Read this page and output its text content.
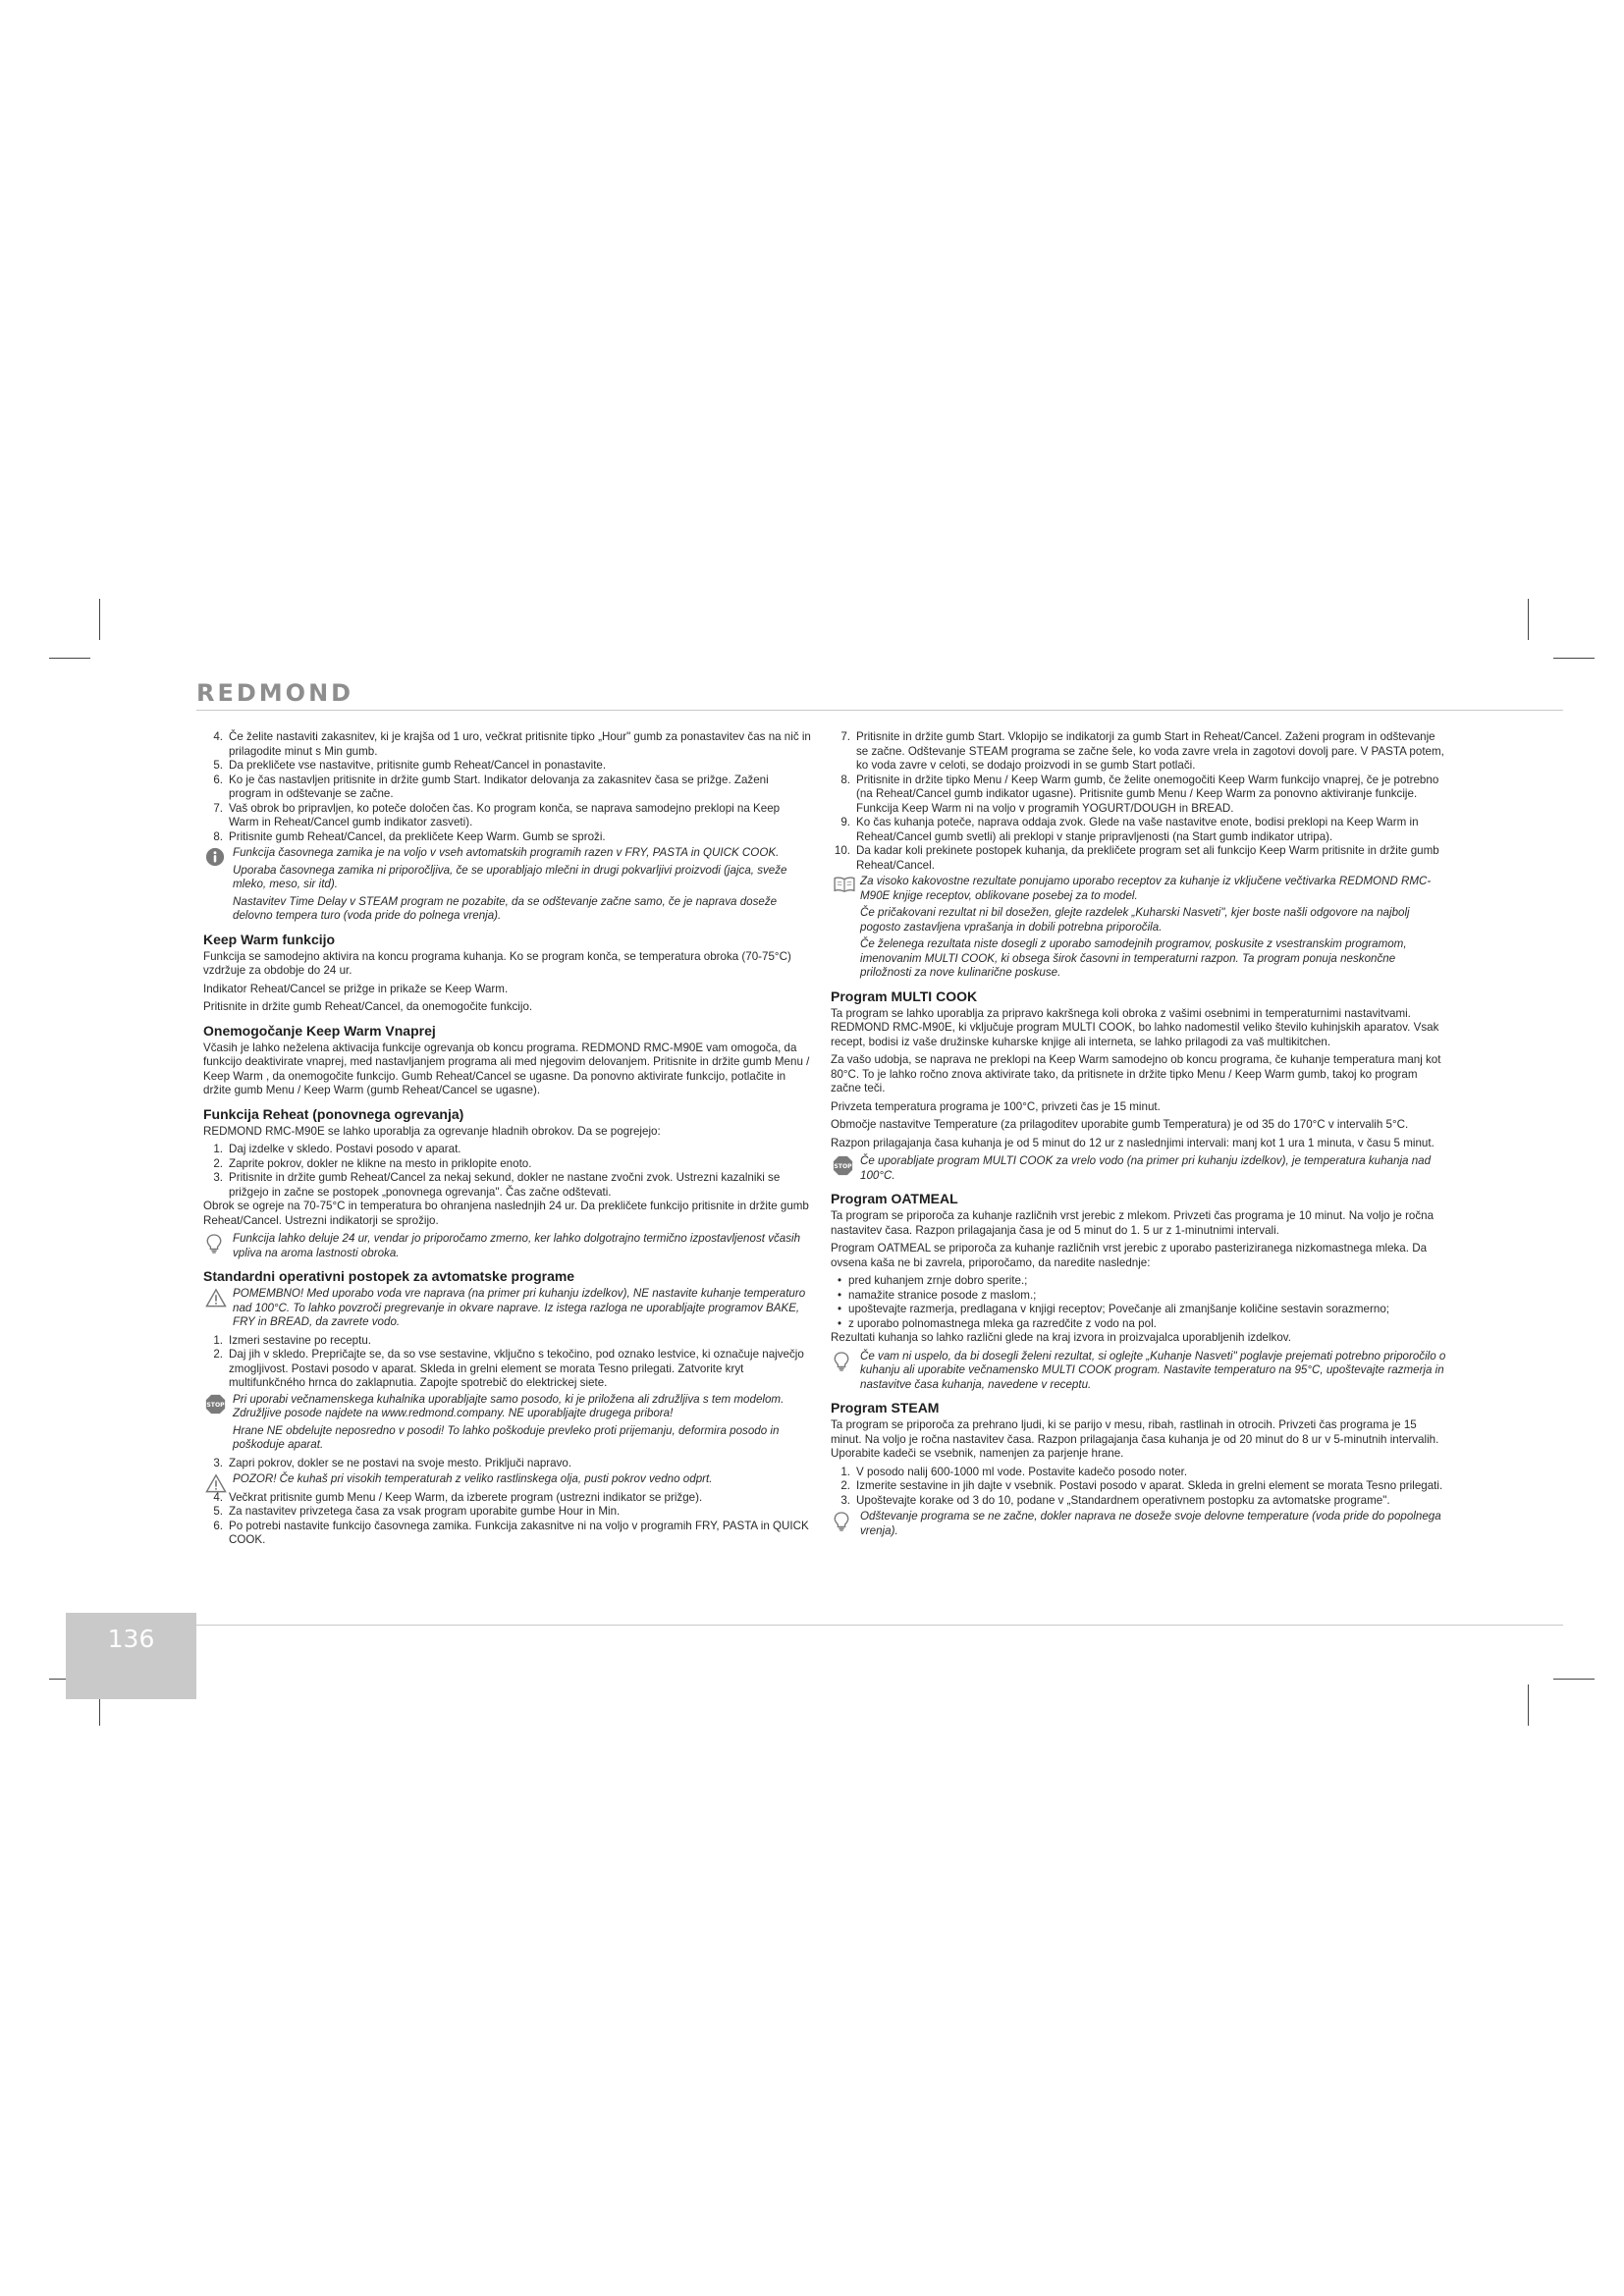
REDMOND
4. Če želite nastaviti zakasnitev, ki je krajša od 1 uro, večkrat pritisnite tipko „Hour" gumb za ponastavitev čas na nič in prilagodite minut s Min gumb.
5. Da prekličete vse nastavitve, pritisnite gumb Reheat/Cancel in ponastavite.
6. Ko je čas nastavljen pritisnite in držite gumb Start. Indikator delovanja za zakasnitev časa se prižge. Zaženi program in odštevanje se začne.
7. Vaš obrok bo pripravljen, ko poteče določen čas. Ko program konča, se naprava samodejno preklopi na Keep Warm in Reheat/Cancel gumb indikator zasveti).
8. Pritisnite gumb Reheat/Cancel, da prekličete Keep Warm. Gumb se sproži.
Funkcija časovnega zamika je na voljo v vseh avtomatskih programih razen v FRY, PASTA in QUICK COOK.
Uporaba časovnega zamika ni priporočljiva, če se uporabljajo mlečni in drugi pokvarljivi proizvodi (jajca, sveže mleko, meso, sir itd).
Nastavitev Time Delay v STEAM program ne pozabite, da se odštevanje začne samo, če je naprava doseže delovno tempera turo (voda pride do polnega vrenja).
Keep Warm funkcijo
Funkcija se samodejno aktivira na koncu programa kuhanja. Ko se program konča, se temperatura obroka (70-75°C) vzdržuje za obdobje do 24 ur.
Indikator Reheat/Cancel se prižge in prikaže se Keep Warm.
Pritisnite in držite gumb Reheat/Cancel, da onemogočite funkcijo.
Onemogočanje Keep Warm Vnaprej
Včasih je lahko neželena aktivacija funkcije ogrevanja ob koncu programa. REDMOND RMC-M90E vam omogoča, da funkcijo deaktivirate vnaprej, med nastavljanjem programa ali med njegovim delovanjem. Pritisnite in držite gumb Menu / Keep Warm , da onemogočite funkcijo. Gumb Reheat/Cancel se ugasne. Da ponovno aktivirate funkcijo, potlačite in držite gumb Menu / Keep Warm (gumb Reheat/Cancel se ugasne).
Funkcija Reheat (ponovnega ogrevanja)
REDMOND RMC-M90E se lahko uporablja za ogrevanje hladnih obrokov. Da se pogrejejo:
1. Daj izdelke v skledo. Postavi posodo v aparat.
2. Zaprite pokrov, dokler ne klikne na mesto in priklopite enoto.
3. Pritisnite in držite gumb Reheat/Cancel za nekaj sekund, dokler ne nastane zvočni zvok. Ustrezni kazalniki se prižgejo in začne se postopek „ponovnega ogrevanja". Čas začne odštevati.
Obrok se ogreje na 70-75°C in temperatura bo ohranjena naslednjih 24 ur. Da prekličete funkcijo pritisnite in držite gumb Reheat/Cancel. Ustrezni indikatorji se sprožijo.
Funkcija lahko deluje 24 ur, vendar jo priporočamo zmerno, ker lahko dolgotrajno termično izpostavljenost včasih vpliva na aroma lastnosti obroka.
Standardni operativni postopek za avtomatske programe
POMEMBNO! Med uporabo voda vre naprava (na primer pri kuhanju izdelkov), NE nastavite kuhanje temperaturo nad 100°C. To lahko povzroči pregrevanje in okvare naprave. Iz istega razloga ne uporabljajte programov BAKE, FRY in BREAD, da zavrete vodo.
1. Izmeri sestavine po receptu.
2. Daj jih v skledo. Prepričajte se, da so vse sestavine, vključno s tekočino, pod oznako lestvice, ki označuje največjo zmogljivost. Postavi posodo v aparat. Skleda in grelni element se morata Tesno prilegati. Zatvorite kryt multifunkčného hrnca do zaklapnutia. Zapojte spotrebič do elektrickej siete.
STOP Pri uporabi večnamenskega kuhalnika uporabljajte samo posodo, ki je priložena ali združljiva s tem modelom. Združljive posode najdete na www.redmond.company. NE uporabljajte drugega pribora!
Hrane NE obdelujte neposredno v posodi! To lahko poškoduje prevleko proti prijemanju, deformira posodo in poškoduje aparat.
3. Zapri pokrov, dokler se ne postavi na svoje mesto. Priključi napravo.
POZOR! Če kuhaš pri visokih temperaturah z veliko rastlinskega olja, pusti pokrov vedno odprt.
4. Večkrat pritisnite gumb Menu / Keep Warm, da izberete program (ustrezni indikator se prižge).
5. Za nastavitev privzetega časa za vsak program uporabite gumbe Hour in Min.
6. Po potrebi nastavite funkcijo časovnega zamika. Funkcija zakasnitve ni na voljo v programih FRY, PASTA in QUICK COOK.
7. Pritisnite in držite gumb Start. Vklopijo se indikatorji za gumb Start in Reheat/Cancel. Zaženi program in odštevanje se začne. Odštevanje STEAM programa se začne šele, ko voda zavre vrela in zagotovi dovolj pare. V PASTA potem, ko voda zavre v celoti, se dodajo proizvodi in se gumb Start potlači.
8. Pritisnite in držite tipko Menu / Keep Warm gumb, če želite onemogočiti Keep Warm funkcijo vnaprej, če je potrebno (na Reheat/Cancel gumb indikator ugasne). Pritisnite gumb Menu / Keep Warm za ponovno aktiviranje funkcije. Funkcija Keep Warm ni na voljo v programih YOGURT/DOUGH in BREAD.
9. Ko čas kuhanja poteče, naprava oddaja zvok. Glede na vaše nastavitve enote, bodisi preklopi na Keep Warm in Reheat/Cancel gumb svetli) ali preklopi v stanje pripravljenosti (na Start gumb indikator utripa).
10. Da kadar koli prekinete postopek kuhanja, da prekličete program set ali funkcijo Keep Warm pritisnite in držite gumb Reheat/Cancel.
Za visoko kakovostne rezultate ponujamo uporabo receptov za kuhanje iz vključene večtivarka REDMOND RMC-M90E knjige receptov, oblikovane posebej za to model.
Če pričakovani rezultat ni bil dosežen, glejte razdelek „Kuharski Nasveti", kjer boste našli odgovore na najbolj pogosto zastavljena vprašanja in dobili potrebna priporočila.
Če želenega rezultata niste dosegli z uporabo samodejnih programov, poskusite z vsestranskim programom, imenovanim MULTI COOK, ki obsega širok časovni in temperaturni razpon. Ta program ponuja neskončne priložnosti za nove kulinarične poskuse.
Program MULTI COOK
Ta program se lahko uporablja za pripravo kakršnega koli obroka z vašimi osebnimi in temperaturnimi nastavitvami. REDMOND RMC-M90E, ki vključuje program MULTI COOK, bo lahko nadomestil veliko število kuhinjskih aparatov. Vsak recept, bodisi iz vaše družinske kuharske knjige ali interneta, se lahko prilagodi za vaš multikitchen.
Za vašo udobja, se naprava ne preklopi na Keep Warm samodejno ob koncu programa, če kuhanje temperatura manj kot 80°C. To je lahko ročno znova aktivirate tako, da pritisnete in držite tipko Menu / Keep Warm gumb, takoj ko program začne teči.
Privzeta temperatura programa je 100°C, privzeti čas je 15 minut.
Območje nastavitve Temperature (za prilagoditev uporabite gumb Temperatura) je od 35 do 170°C v intervalih 5°C.
Razpon prilagajanja časa kuhanja je od 5 minut do 12 ur z naslednjimi intervali: manj kot 1 ura 1 minuta, v času 5 minut.
STOP Če uporabljate program MULTI COOK za vrelo vodo (na primer pri kuhanju izdelkov), je temperatura kuhanja nad 100°C.
Program OATMEAL
Ta program se priporoča za kuhanje različnih vrst jerebic z mlekom. Privzeti čas programa je 10 minut. Na voljo je ročna nastavitev časa. Razpon prilagajanja časa je od 5 minut do 1. 5 ur z 1-minutnimi intervali.
Program OATMEAL se priporoča za kuhanje različnih vrst jerebic z uporabo pasteriziranega nizkomastnega mleka. Da ovsena kaša ne bi zavrela, priporočamo, da naredite naslednje:
• pred kuhanjem zrnje dobro sperite.;
• namažite stranice posode z maslom.;
• upoštevajte razmerja, predlagana v knjigi receptov; Povečanje ali zmanjšanje količine sestavin sorazmerno;
• z uporabo polnomastnega mleka ga razredčite z vodo na pol.
Rezultati kuhanja so lahko različni glede na kraj izvora in proizvajalca uporabljenih izdelkov.
Če vam ni uspelo, da bi dosegli želeni rezultat, si oglejte „Kuhanje Nasveti" poglavje prejemati potrebno priporočilo o kuhanju ali uporabite večnamensko MULTI COOK program. Nastavite temperaturo na 95°C, upoštevajte razmerja in nastavitve časa kuhanja, navedene v receptu.
Program STEAM
Ta program se priporoča za prehrano ljudi, ki se parijo v mesu, ribah, rastlinah in otrocih. Privzeti čas programa je 15 minut. Na voljo je ročna nastavitev časa. Razpon prilagajanja časa kuhanja je od 20 minut do 8 ur v 5-minutnih intervalih. Uporabite kadeči se vsebnik, namenjen za parjenje hrane.
1. V posodo nalij 600-1000 ml vode. Postavite kadečo posodo noter.
2. Izmerite sestavine in jih dajte v vsebnik. Postavi posodo v aparat. Skleda in grelni element se morata Tesno prilegati.
3. Upoštevajte korake od 3 do 10, podane v „Standardnem operativnem postopku za avtomatske programe".
Odštevanje programa se ne začne, dokler naprava ne doseže svoje delovne temperature (voda pride do popolnega vrenja).
136
